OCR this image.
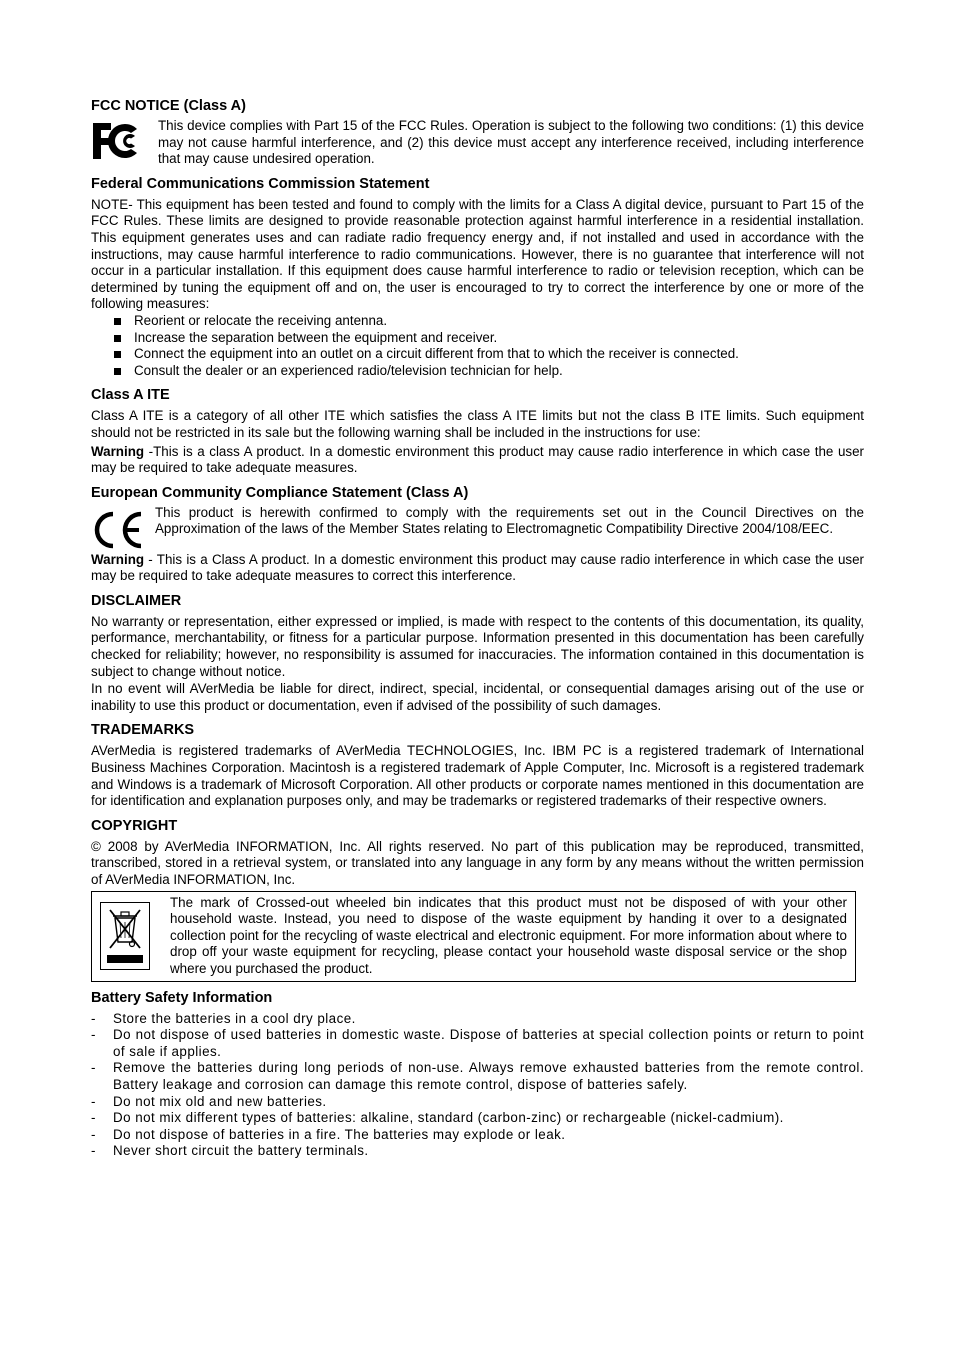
FCC NOTICE (Class A)

This device complies with Part 15 of the FCC Rules. Operation is subject to the following two conditions: (1) this device may not cause harmful interference, and (2) this device must accept any interference received, including interference that may cause undesired operation.

Federal Communications Commission Statement

NOTE- This equipment has been tested and found to comply with the limits for a Class A digital device, pursuant to Part 15 of the FCC Rules. These limits are designed to provide reasonable protection against harmful interference in a residential installation. This equipment generates uses and can radiate radio frequency energy and, if not installed and used in accordance with the instructions, may cause harmful interference to radio communications. However, there is no guarantee that interference will not occur in a particular installation. If this equipment does cause harmful interference to radio or television reception, which can be determined by tuning the equipment off and on, the user is encouraged to try to correct the interference by one or more of the following measures:

Reorient or relocate the receiving antenna.
Increase the separation between the equipment and receiver.
Connect the equipment into an outlet on a circuit different from that to which the receiver is connected.
Consult the dealer or an experienced radio/television technician for help.
Class A ITE

Class A ITE is a category of all other ITE which satisfies the class A ITE limits but not the class B ITE limits. Such equipment should not be restricted in its sale but the following warning shall be included in the instructions for use:

Warning -This is a class A product. In a domestic environment this product may cause radio interference in which case the user may be required to take adequate measures.

European Community Compliance Statement (Class A)

This product is herewith confirmed to comply with the requirements set out in the Council Directives on the Approximation of the laws of the Member States relating to Electromagnetic Compatibility Directive 2004/108/EEC.

Warning - This is a Class A product. In a domestic environment this product may cause radio interference in which case the user may be required to take adequate measures to correct this interference.

DISCLAIMER

No warranty or representation, either expressed or implied, is made with respect to the contents of this documentation, its quality, performance, merchantability, or fitness for a particular purpose. Information presented in this documentation has been carefully checked for reliability; however, no responsibility is assumed for inaccuracies. The information contained in this documentation is subject to change without notice.

In no event will AVerMedia be liable for direct, indirect, special, incidental, or consequential damages arising out of the use or inability to use this product or documentation, even if advised of the possibility of such damages.

TRADEMARKS

AVerMedia is registered trademarks of AVerMedia TECHNOLOGIES, Inc. IBM PC is a registered trademark of International Business Machines Corporation. Macintosh is a registered trademark of Apple Computer, Inc. Microsoft is a registered trademark and Windows is a trademark of Microsoft Corporation. All other products or corporate names mentioned in this documentation are for identification and explanation purposes only, and may be trademarks or registered trademarks of their respective owners.

COPYRIGHT

© 2008 by AVerMedia INFORMATION, Inc. All rights reserved. No part of this publication may be reproduced, transmitted, transcribed, stored in a retrieval system, or translated into any language in any form by any means without the written permission of AVerMedia INFORMATION, Inc.

The mark of Crossed-out wheeled bin indicates that this product must not be disposed of with your other household waste. Instead, you need to dispose of the waste equipment by handing it over to a designated collection point for the recycling of waste electrical and electronic equipment. For more information about where to drop off your waste equipment for recycling, please contact your household waste disposal service or the shop where you purchased the product.

Battery Safety Information
- Store the batteries in a cool dry place.
- Do not dispose of used batteries in domestic waste. Dispose of batteries at special collection points or return to point of sale if applies.
- Remove the batteries during long periods of non-use. Always remove exhausted batteries from the remote control. Battery leakage and corrosion can damage this remote control, dispose of batteries safely.
- Do not mix old and new batteries.
- Do not mix different types of batteries: alkaline, standard (carbon-zinc) or rechargeable (nickel-cadmium).
- Do not dispose of batteries in a fire. The batteries may explode or leak.
- Never short circuit the battery terminals.
